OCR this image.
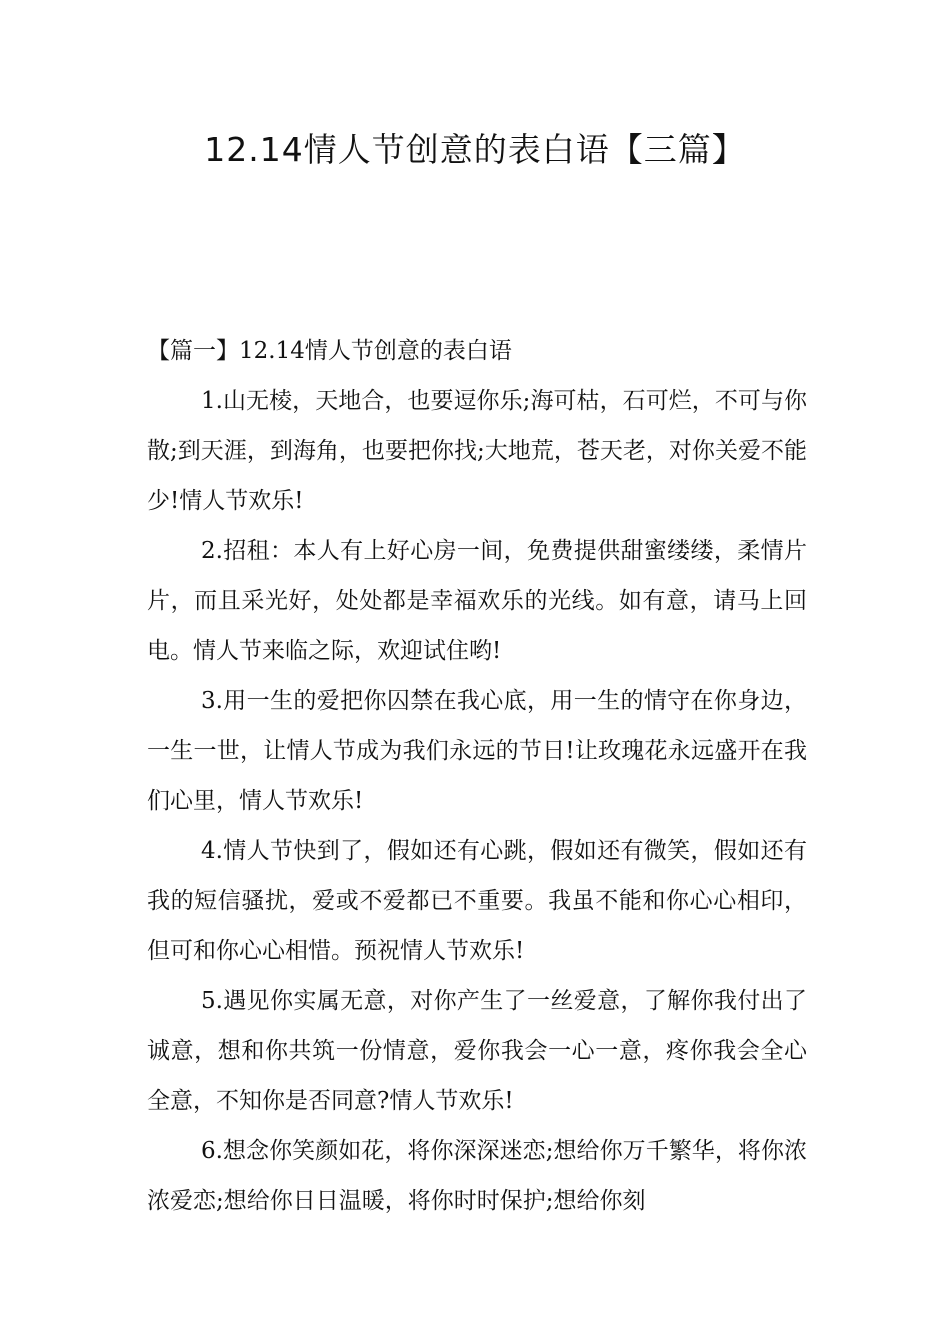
12.14情人节创意的表白语【三篇】

【篇一】12.14情人节创意的表白语

1.山无棱，天地合，也要逗你乐;海可枯，石可烂，不可与你散;到天涯，到海角，也要把你找;大地荒，苍天老，对你关爱不能少!情人节欢乐!

2.招租：本人有上好心房一间，免费提供甜蜜缕缕，柔情片片，而且采光好，处处都是幸福欢乐的光线。如有意，请马上回电。情人节来临之际，欢迎试住哟!

3.用一生的爱把你囚禁在我心底，用一生的情守在你身边，一生一世，让情人节成为我们永远的节日!让玫瑰花永远盛开在我们心里，情人节欢乐!

4.情人节快到了，假如还有心跳，假如还有微笑，假如还有我的短信骚扰，爱或不爱都已不重要。我虽不能和你心心相印，但可和你心心相惜。预祝情人节欢乐!

5.遇见你实属无意，对你产生了一丝爱意，了解你我付出了诚意，想和你共筑一份情意，爱你我会一心一意，疼你我会全心全意，不知你是否同意?情人节欢乐!

6.想念你笑颜如花，将你深深迷恋;想给你万千繁华，将你浓浓爱恋;想给你日日温暖，将你时时保护;想给你刻
